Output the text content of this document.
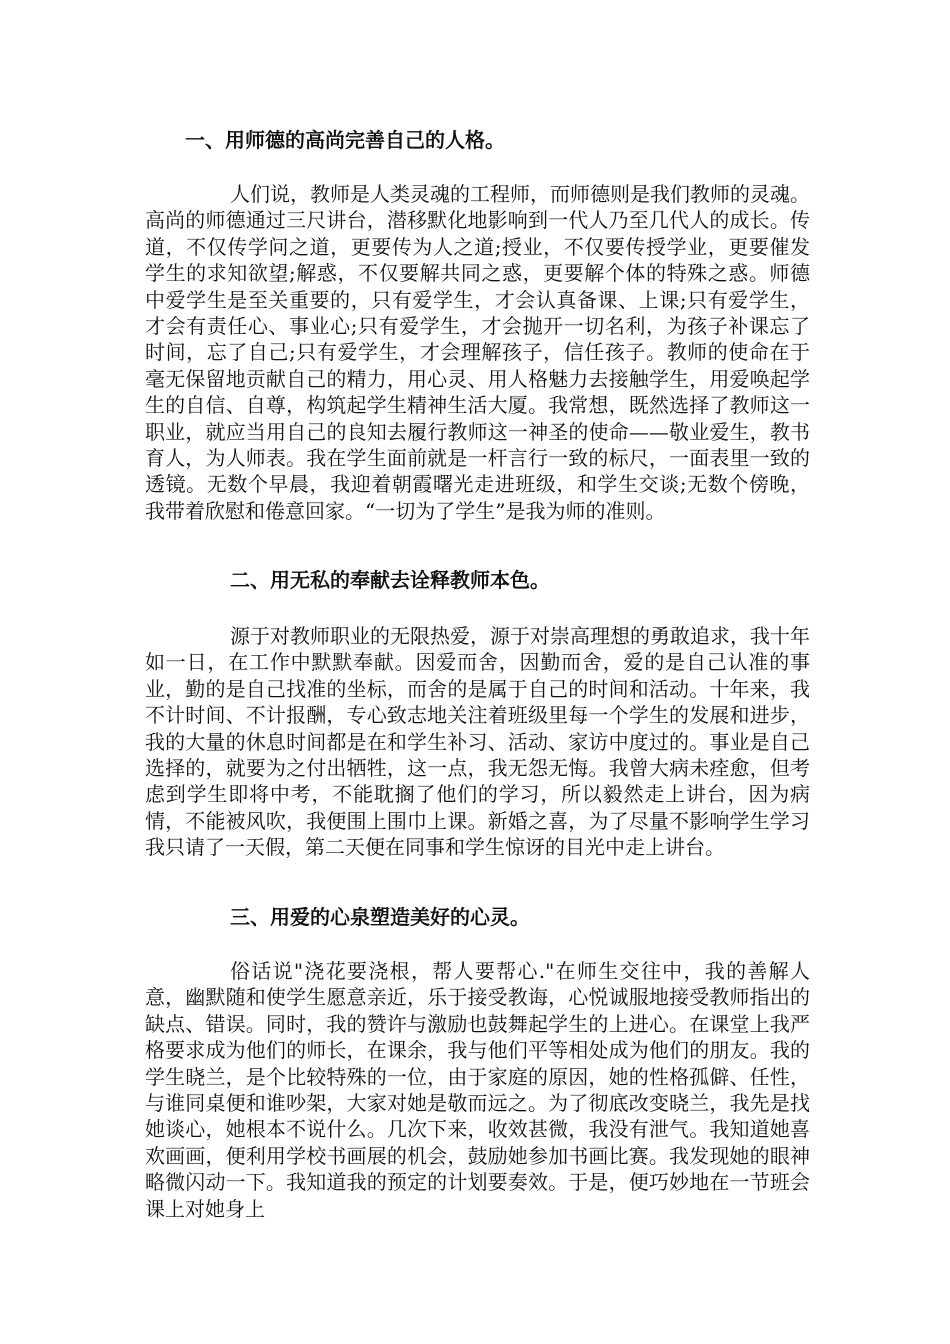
一、用师德的高尚完善自己的人格。

人们说，教师是人类灵魂的工程师，而师德则是我们教师的灵魂。高尚的师德通过三尺讲台，潜移默化地影响到一代人乃至几代人的成长。传道，不仅传学问之道，更要传为人之道;授业，不仅要传授学业，更要催发学生的求知欲望;解惑，不仅要解共同之惑，更要解个体的特殊之惑。师德中爱学生是至关重要的，只有爱学生，才会认真备课、上课;只有爱学生，才会有责任心、事业心;只有爱学生，才会抛开一切名利，为孩子补课忘了时间，忘了自己;只有爱学生，才会理解孩子，信任孩子。教师的使命在于毫无保留地贡献自己的精力，用心灵、用人格魅力去接触学生，用爱唤起学生的自信、自尊，构筑起学生精神生活大厦。我常想，既然选择了教师这一职业，就应当用自己的良知去履行教师这一神圣的使命——敬业爱生，教书育人，为人师表。我在学生面前就是一杆言行一致的标尺，一面表里一致的透镜。无数个早晨，我迎着朝霞曙光走进班级，和学生交谈;无数个傍晚，我带着欣慰和倦意回家。“一切为了学生”是我为师的准则。

二、用无私的奉献去诠释教师本色。

源于对教师职业的无限热爱，源于对崇高理想的勇敢追求，我十年如一日，在工作中默默奉献。因爱而舍，因勤而舍，爱的是自己认准的事业，勤的是自己找准的坐标，而舍的是属于自己的时间和活动。十年来，我不计时间、不计报酬，专心致志地关注着班级里每一个学生的发展和进步，我的大量的休息时间都是在和学生补习、活动、家访中度过的。事业是自己选择的，就要为之付出牺牲，这一点，我无怨无悔。我曾大病未痊愈，但考虑到学生即将中考，不能耽搁了他们的学习，所以毅然走上讲台，因为病情，不能被风吹，我便围上围巾上课。新婚之喜，为了尽量不影响学生学习我只请了一天假，第二天便在同事和学生惊讶的目光中走上讲台。

三、用爱的心泉塑造美好的心灵。

俗话说"浇花要浇根，帮人要帮心."在师生交往中，我的善解人意，幽默随和使学生愿意亲近，乐于接受教诲，心悦诚服地接受教师指出的缺点、错误。同时，我的赞许与激励也鼓舞起学生的上进心。在课堂上我严格要求成为他们的师长，在课余，我与他们平等相处成为他们的朋友。我的学生晓兰，是个比较特殊的一位，由于家庭的原因，她的性格孤僻、任性，与谁同桌便和谁吵架，大家对她是敬而远之。为了彻底改变晓兰，我先是找她谈心，她根本不说什么。几次下来，收效甚微，我没有泄气。我知道她喜欢画画，便利用学校书画展的机会，鼓励她参加书画比赛。我发现她的眼神略微闪动一下。我知道我的预定的计划要奏效。于是，便巧妙地在一节班会课上对她身上
